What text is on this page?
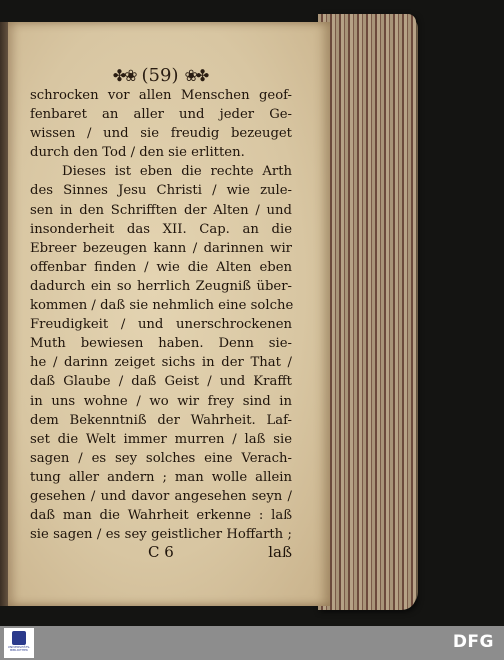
✤❀ (59) ❀✤
schrocken vor allen Menschen geof-
fenbaret an aller und jeder Ge-
wissen / und sie freudig bezeuget
durch den Tod / den sie erlitten.
Dieses ist eben die rechte Arth
des Sinnes Jesu Christi / wie zule-
sen in den Schrifften der Alten / und
insonderheit das XII. Cap. an die
Ebreer bezeugen kann / darinnen wir
offenbar finden / wie die Alten eben
dadurch ein so herrlich Zeugniß über-
kommen / daß sie nehmlich eine solche
Freudigkeit / und unerschrockenen
Muth bewiesen haben. Denn sie-
he / darinn zeiget sichs in der That /
daß Glaube / daß Geist / und Krafft
in uns wohne / wo wir frey sind in
dem Bekenntniß der Wahrheit. Laf-
set die Welt immer murren / laß sie
sagen / es sey solches eine Verach-
tung aller andern ; man wolle allein
gesehen / und davor angesehen seyn /
daß man die Wahrheit erkenne : laß
sie sagen / es sey geistlicher Hoffarth ;
C 6	laß
UNIVERSITÄTS- BIBLIOTHEK	DFG
